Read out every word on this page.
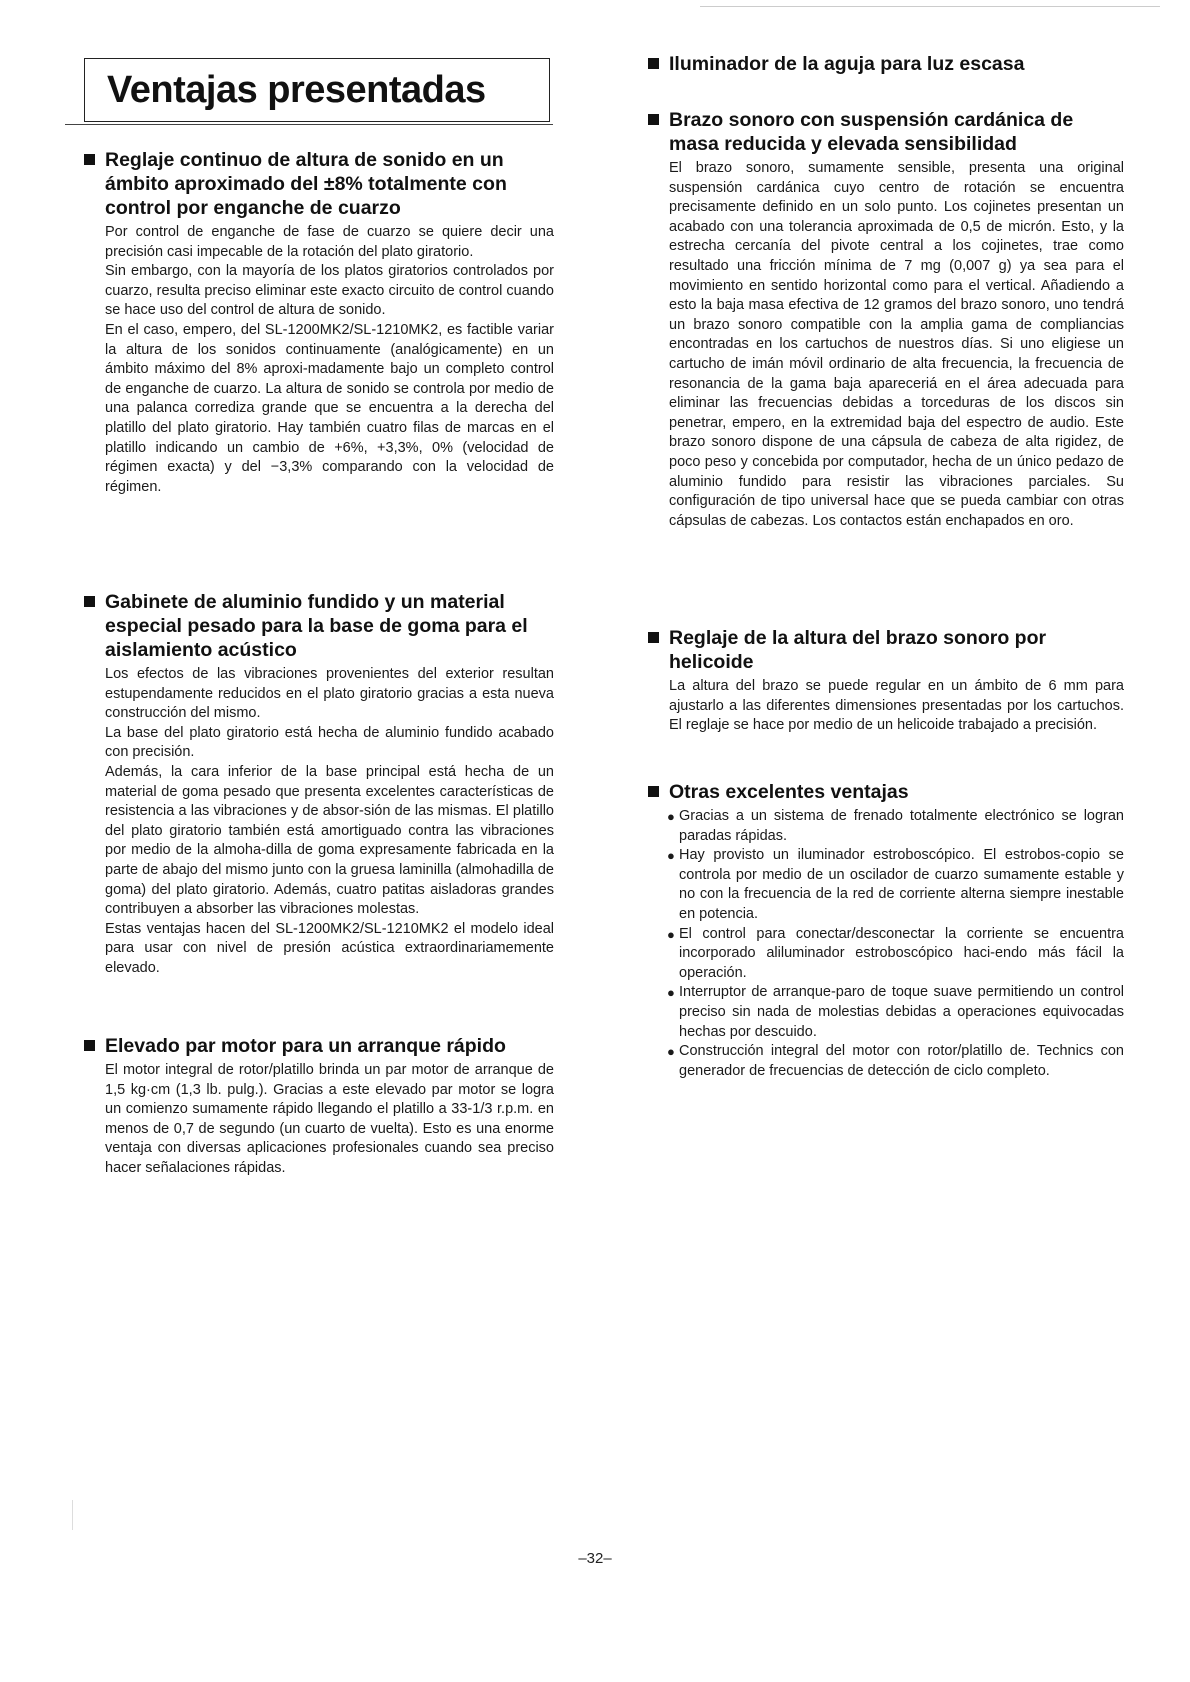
Ventajas presentadas
Reglaje continuo de altura de sonido en un ámbito aproximado del ±8% totalmente con control por enganche de cuarzo

Por control de enganche de fase de cuarzo se quiere decir una precisión casi impecable de la rotación del plato giratorio.

Sin embargo, con la mayoría de los platos giratorios controlados por cuarzo, resulta preciso eliminar este exacto circuito de control cuando se hace uso del control de altura de sonido.

En el caso, empero, del SL-1200MK2/SL-1210MK2, es factible variar la altura de los sonidos continuamente (analógicamente) en un ámbito máximo del 8% aproxi-madamente bajo un completo control de enganche de cuarzo. La altura de sonido se controla por medio de una palanca corrediza grande que se encuentra a la derecha del platillo del plato giratorio. Hay también cuatro filas de marcas en el platillo indicando un cambio de +6%, +3,3%, 0% (velocidad de régimen exacta) y del −3,3% comparando con la velocidad de régimen.

Gabinete de aluminio fundido y un material especial pesado para la base de goma para el aislamiento acústico

Los efectos de las vibraciones provenientes del exterior resultan estupendamente reducidos en el plato giratorio gracias a esta nueva construcción del mismo.

La base del plato giratorio está hecha de aluminio fundido acabado con precisión.

Además, la cara inferior de la base principal está hecha de un material de goma pesado que presenta excelentes características de resistencia a las vibraciones y de absor-sión de las mismas. El platillo del plato giratorio también está amortiguado contra las vibraciones por medio de la almoha-dilla de goma expresamente fabricada en la parte de abajo del mismo junto con la gruesa laminilla (almohadilla de goma) del plato giratorio. Además, cuatro patitas aisladoras grandes contribuyen a absorber las vibraciones molestas.

Estas ventajas hacen del SL-1200MK2/SL-1210MK2 el modelo ideal para usar con nivel de presión acústica extraordinariamemente elevado.

Elevado par motor para un arranque rápido

El motor integral de rotor/platillo brinda un par motor de arranque de 1,5 kg·cm (1,3 lb. pulg.). Gracias a este elevado par motor se logra un comienzo sumamente rápido llegando el platillo a 33-1/3 r.p.m. en menos de 0,7 de segundo (un cuarto de vuelta). Esto es una enorme ventaja con diversas aplicaciones profesionales cuando sea preciso hacer señalaciones rápidas.

Iluminador de la aguja para luz escasa
Brazo sonoro con suspensión cardánica de masa reducida y elevada sensibilidad

El brazo sonoro, sumamente sensible, presenta una original suspensión cardánica cuyo centro de rotación se encuentra precisamente definido en un solo punto. Los cojinetes presentan un acabado con una tolerancia aproximada de 0,5 de micrón. Esto, y la estrecha cercanía del pivote central a los cojinetes, trae como resultado una fricción mínima de 7 mg (0,007 g) ya sea para el movimiento en sentido horizontal como para el vertical. Añadiendo a esto la baja masa efectiva de 12 gramos del brazo sonoro, uno tendrá un brazo sonoro compatible con la amplia gama de compliancias encontradas en los cartuchos de nuestros días. Si uno eligiese un cartucho de imán móvil ordinario de alta frecuencia, la frecuencia de resonancia de la gama baja apareceriá en el área adecuada para eliminar las frecuencias debidas a torceduras de los discos sin penetrar, empero, en la extremidad baja del espectro de audio. Este brazo sonoro dispone de una cápsula de cabeza de alta rigidez, de poco peso y concebida por computador, hecha de un único pedazo de aluminio fundido para resistir las vibraciones parciales. Su configuración de tipo universal hace que se pueda cambiar con otras cápsulas de cabezas. Los contactos están enchapados en oro.

Reglaje de la altura del brazo sonoro por helicoide

La altura del brazo se puede regular en un ámbito de 6 mm para ajustarlo a las diferentes dimensiones presentadas por los cartuchos. El reglaje se hace por medio de un helicoide trabajado a precisión.

Otras excelentes ventajas
● Gracias a un sistema de frenado totalmente electrónico se logran paradas rápidas.
● Hay provisto un iluminador estroboscópico. El estrobos-copio se controla por medio de un oscilador de cuarzo sumamente estable y no con la frecuencia de la red de corriente alterna siempre inestable en potencia.
● El control para conectar/desconectar la corriente se encuentra incorporado aliluminador estroboscópico haci-endo más fácil la operación.
● Interruptor de arranque-paro de toque suave permitiendo un control preciso sin nada de molestias debidas a operaciones equivocadas hechas por descuido.
● Construcción integral del motor con rotor/platillo de. Technics con generador de frecuencias de detección de ciclo completo.
–32–
